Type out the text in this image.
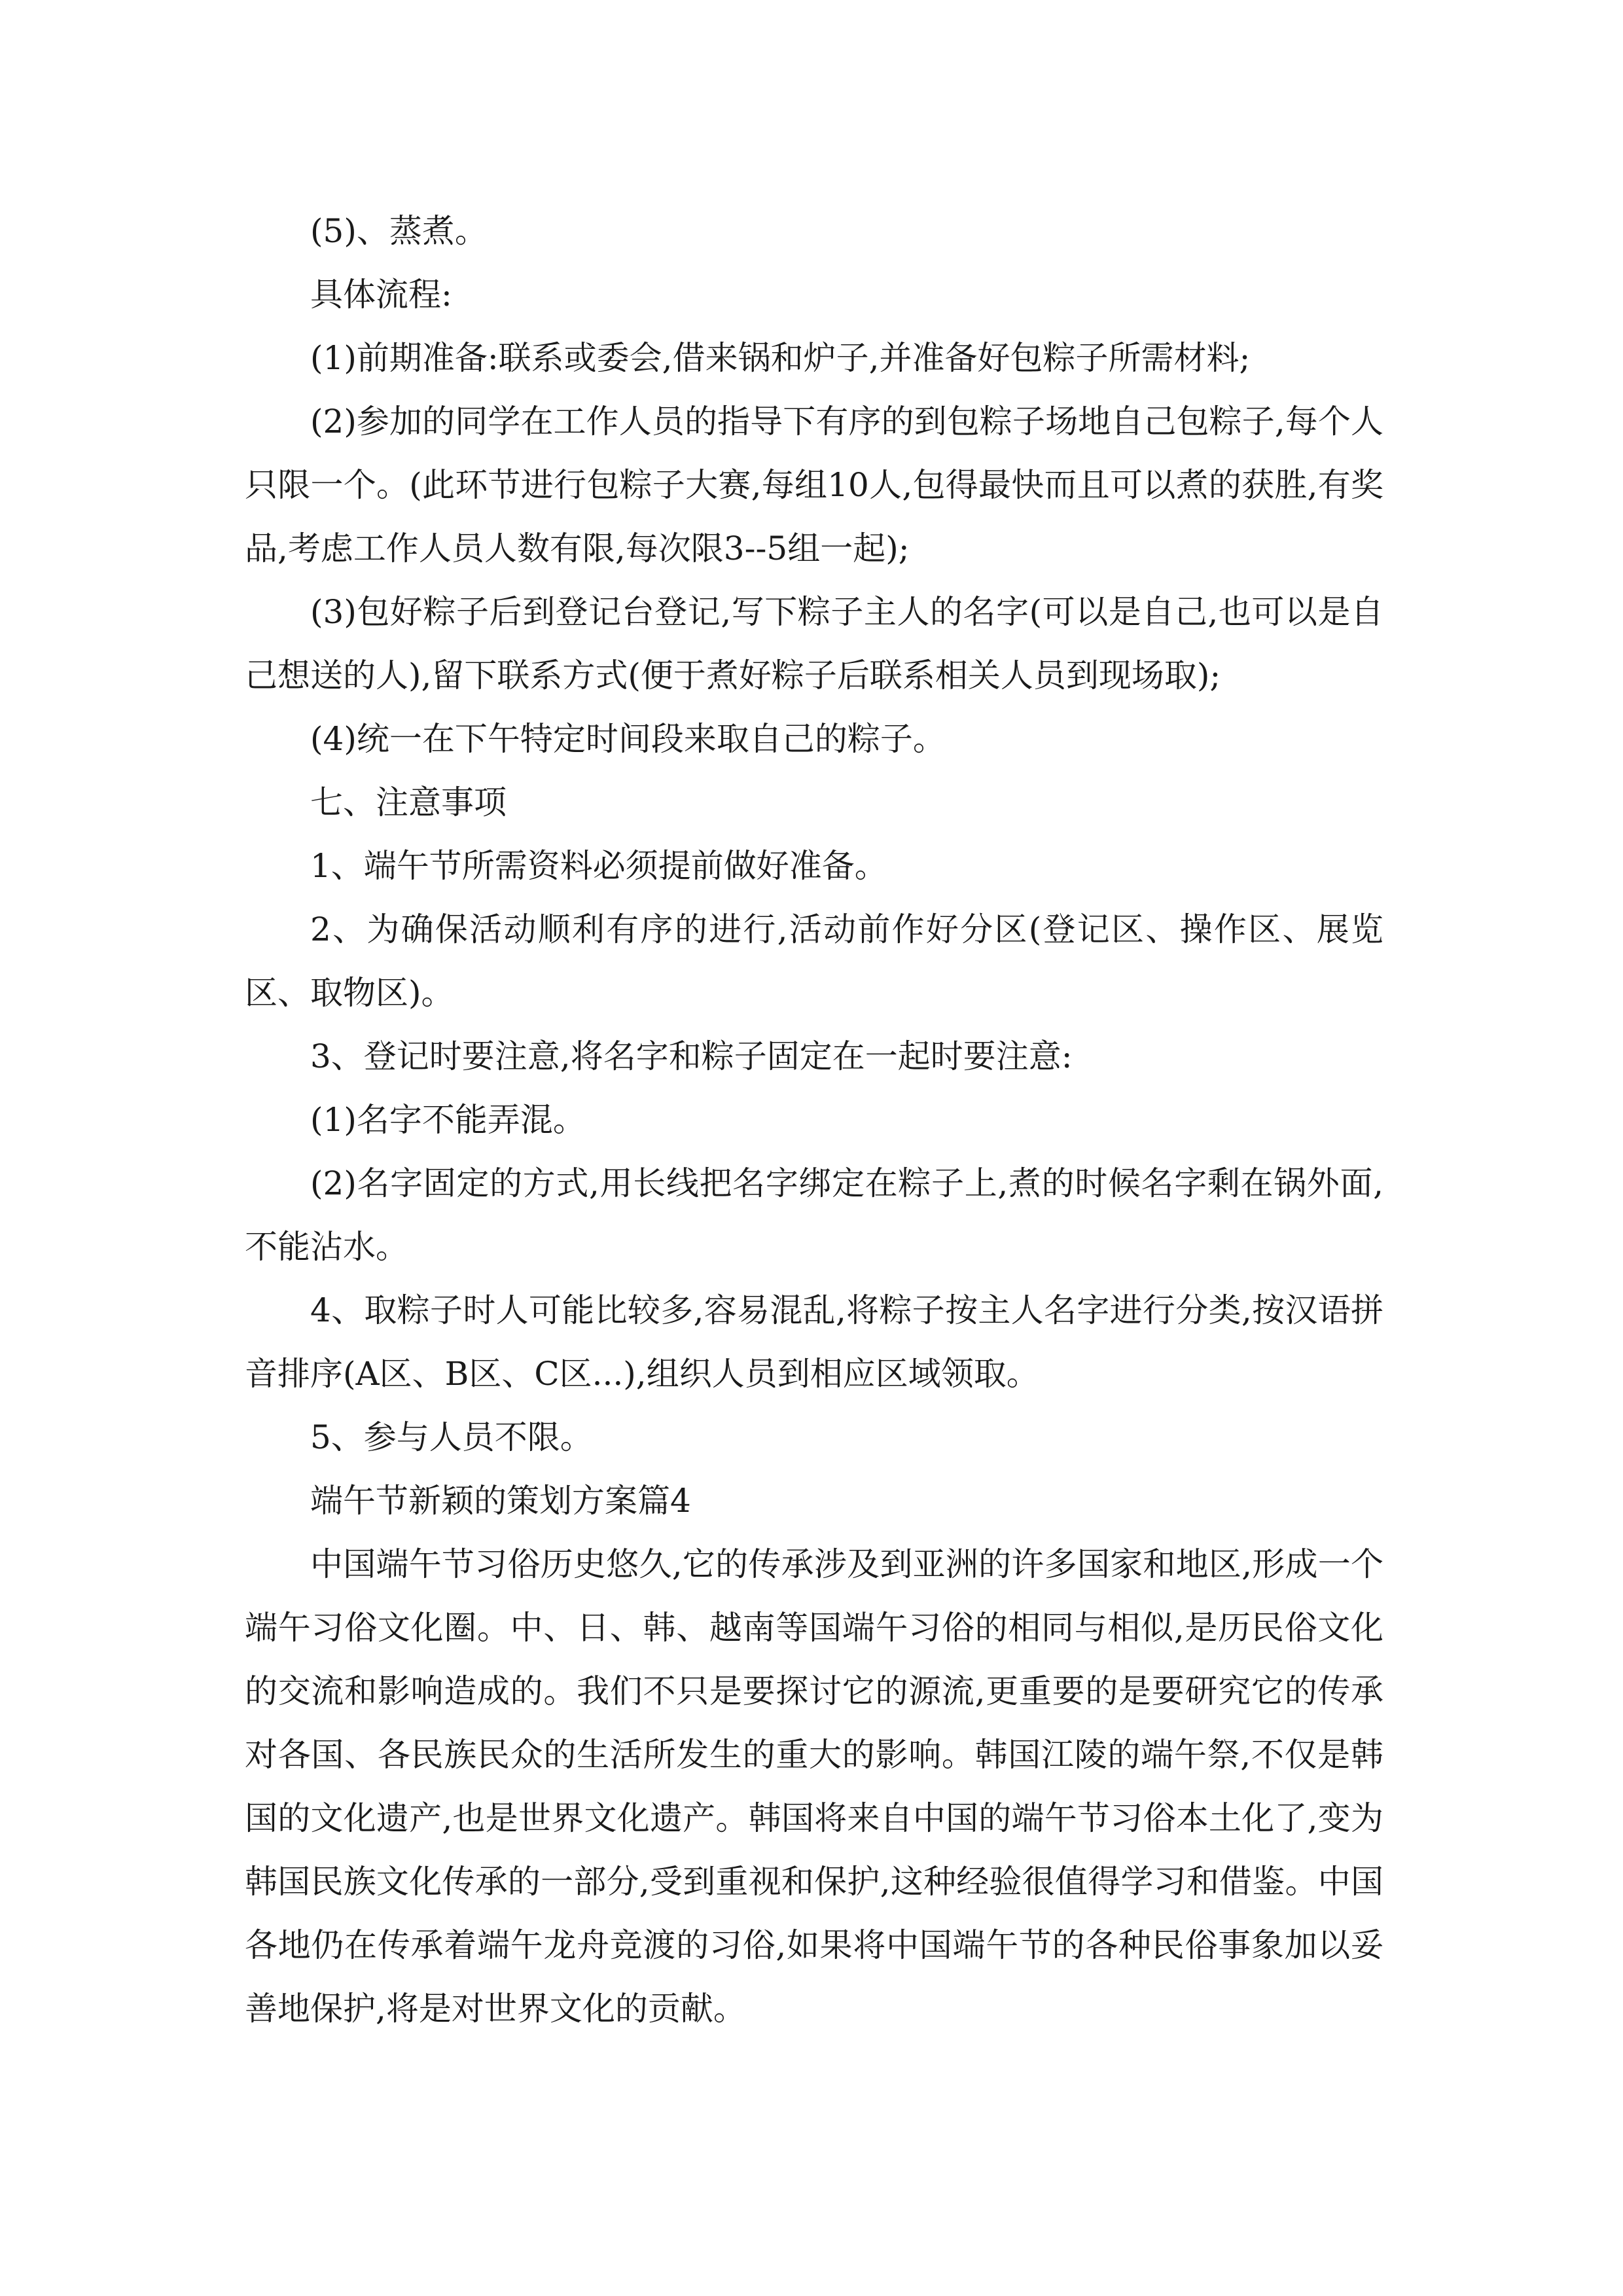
(5)、蒸煮。

具体流程:

(1)前期准备:联系或委会,借来锅和炉子,并准备好包粽子所需材料;

(2)参加的同学在工作人员的指导下有序的到包粽子场地自己包粽子,每个人只限一个。(此环节进行包粽子大赛,每组10人,包得最快而且可以煮的获胜,有奖品,考虑工作人员人数有限,每次限3--5组一起);

(3)包好粽子后到登记台登记,写下粽子主人的名字(可以是自己,也可以是自己想送的人),留下联系方式(便于煮好粽子后联系相关人员到现场取);

(4)统一在下午特定时间段来取自己的粽子。

七、注意事项

1、端午节所需资料必须提前做好准备。

2、为确保活动顺利有序的进行,活动前作好分区(登记区、操作区、展览区、取物区)。

3、登记时要注意,将名字和粽子固定在一起时要注意:

(1)名字不能弄混。

(2)名字固定的方式,用长线把名字绑定在粽子上,煮的时候名字剩在锅外面,不能沾水。

4、取粽子时人可能比较多,容易混乱,将粽子按主人名字进行分类,按汉语拼音排序(A区、B区、C区...),组织人员到相应区域领取。

5、参与人员不限。

端午节新颖的策划方案篇4

中国端午节习俗历史悠久,它的传承涉及到亚洲的许多国家和地区,形成一个端午习俗文化圈。中、日、韩、越南等国端午习俗的相同与相似,是历民俗文化的交流和影响造成的。我们不只是要探讨它的源流,更重要的是要研究它的传承对各国、各民族民众的生活所发生的重大的影响。韩国江陵的端午祭,不仅是韩国的文化遗产,也是世界文化遗产。韩国将来自中国的端午节习俗本土化了,变为韩国民族文化传承的一部分,受到重视和保护,这种经验很值得学习和借鉴。中国各地仍在传承着端午龙舟竞渡的习俗,如果将中国端午节的各种民俗事象加以妥善地保护,将是对世界文化的贡献。
